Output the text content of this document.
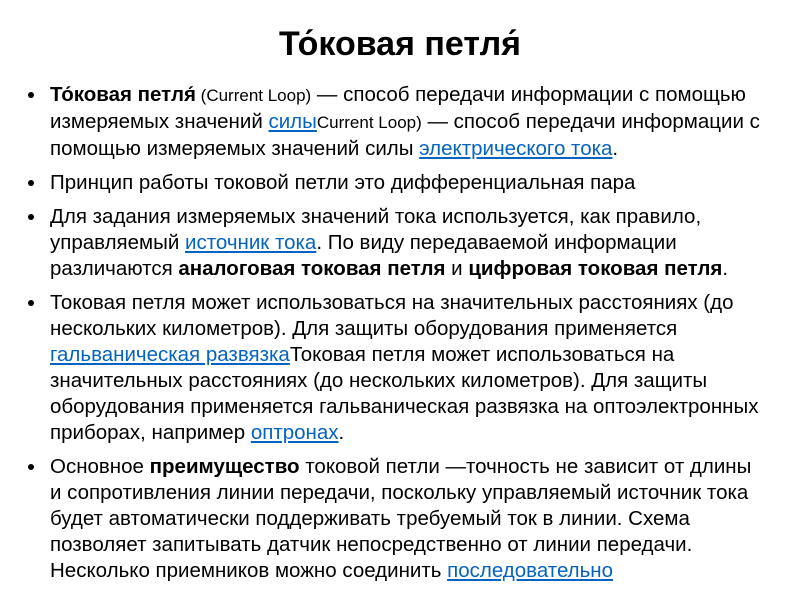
То́ковая петля́
То́ковая петля́ (Current Loop) — способ передачи информации с помощью измеряемых значений силыCurrent Loop) — способ передачи информации с помощью измеряемых значений силы электрического тока.
Принцип работы токовой петли это дифференциальная пара
Для задания измеряемых значений тока используется, как правило, управляемый источник тока. По виду передаваемой информации различаются аналоговая токовая петля и цифровая токовая петля.
Токовая петля может использоваться на значительных расстояниях (до нескольких километров). Для защиты оборудования применяется гальваническая развязкаТоковая петля может использоваться на значительных расстояниях (до нескольких километров). Для защиты оборудования применяется гальваническая развязка на оптоэлектронных приборах, например оптронах.
Основное преимущество токовой петли —точность не зависит от длины и сопротивления линии передачи, поскольку управляемый источник тока будет автоматически поддерживать требуемый ток в линии. Схема позволяет запитывать датчик непосредственно от линии передачи. Несколько приемников можно соединить последовательно
